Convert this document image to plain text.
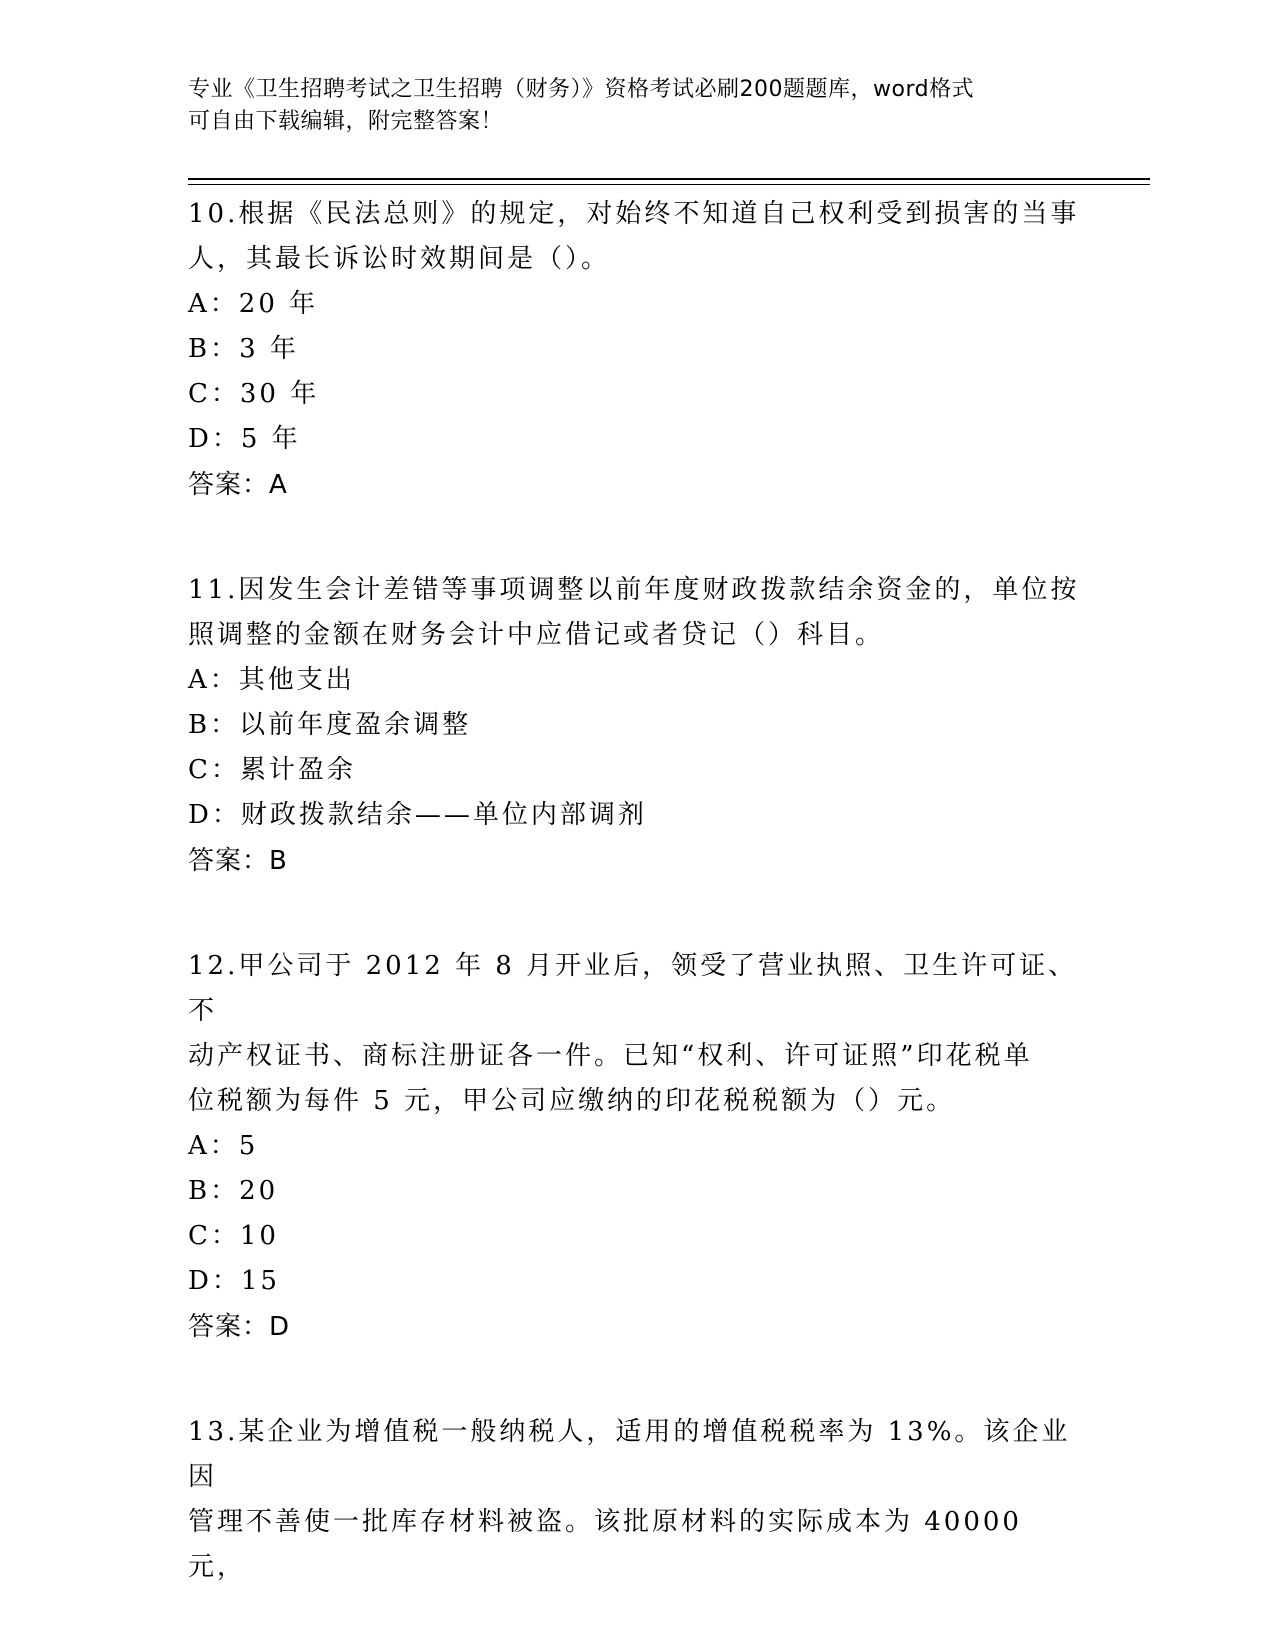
专业《卫生招聘考试之卫生招聘（财务）》资格考试必刷200题题库，word格式
可自由下载编辑，附完整答案！
10.根据《民法总则》的规定，对始终不知道自己权利受到损害的当事
人，其最长诉讼时效期间是（）。
A：20 年
B：3 年
C：30 年
D：5 年
答案：A
11.因发生会计差错等事项调整以前年度财政拨款结余资金的，单位按
照调整的金额在财务会计中应借记或者贷记（）科目。
A：其他支出
B：以前年度盈余调整
C：累计盈余
D：财政拨款结余——单位内部调剂
答案：B
12.甲公司于 2012 年 8 月开业后，领受了营业执照、卫生许可证、不
动产权证书、商标注册证各一件。已知“权利、许可证照”印花税单
位税额为每件 5 元，甲公司应缴纳的印花税税额为（）元。
A：5
B：20
C：10
D：15
答案：D
13.某企业为增值税一般纳税人，适用的增值税税率为 13%。该企业因
管理不善使一批库存材料被盗。该批原材料的实际成本为 40000 元，
